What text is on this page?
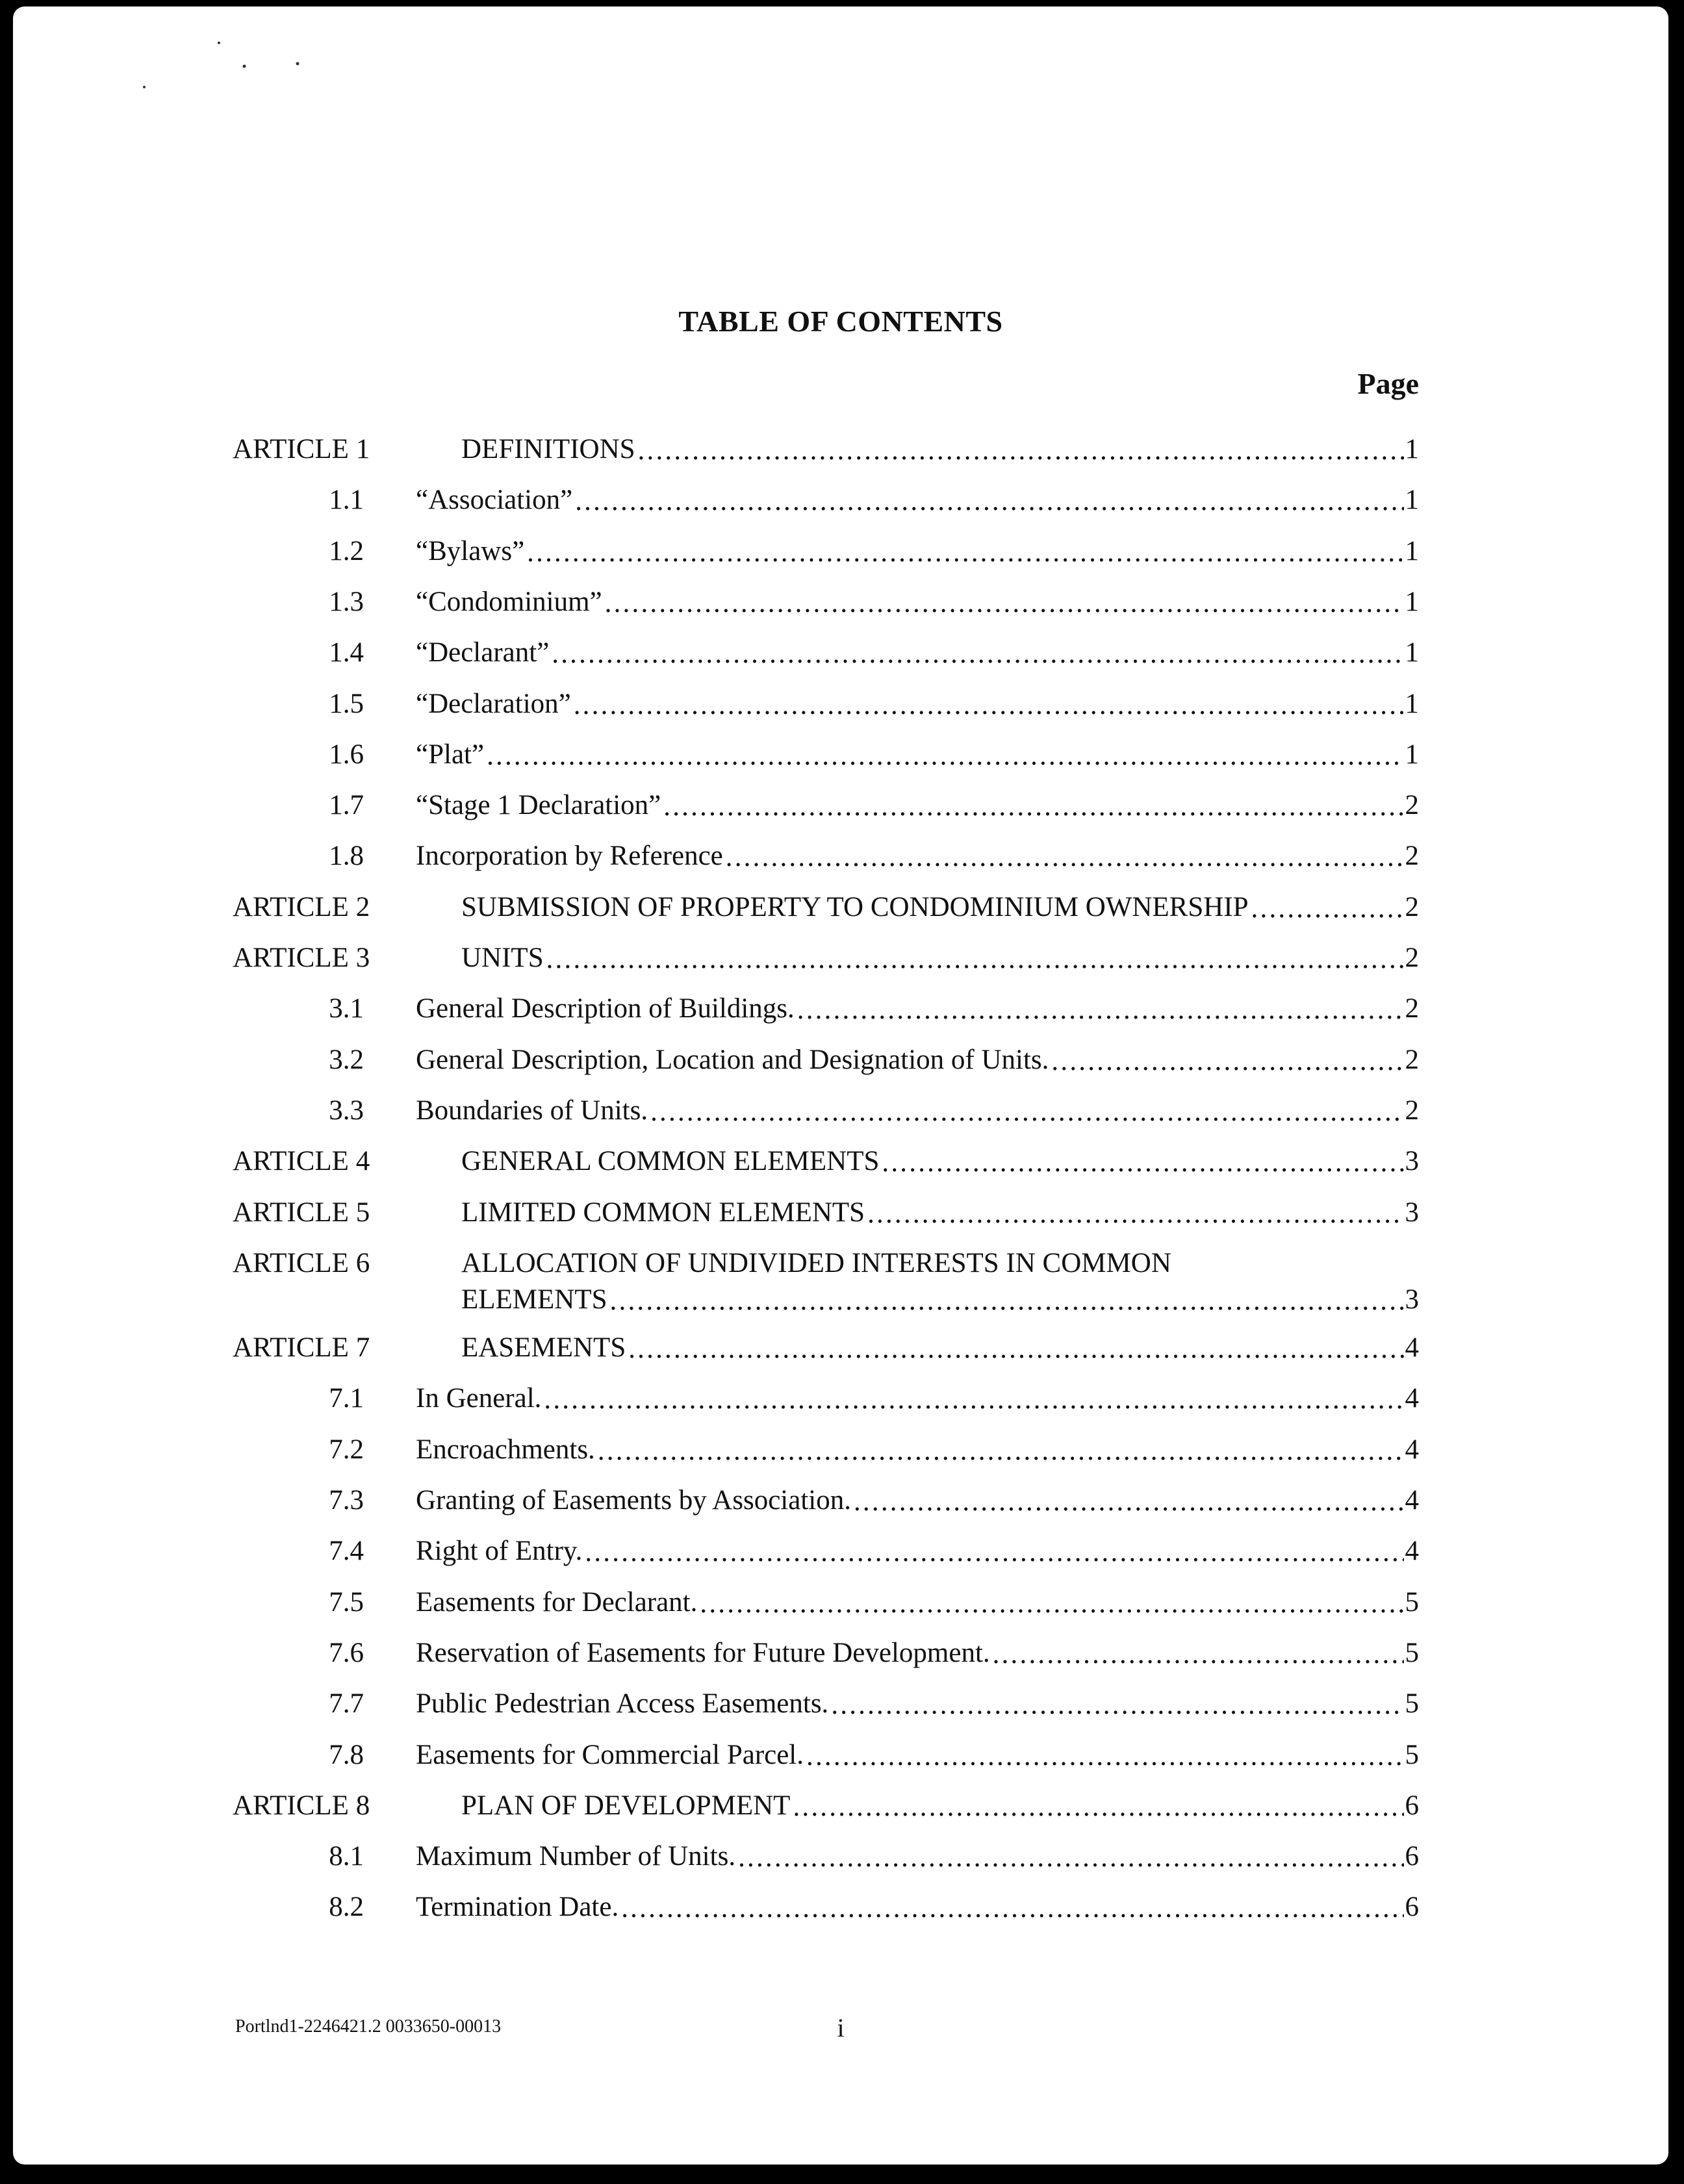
TABLE OF CONTENTS
Page
ARTICLE 1	DEFINITIONS .....	1
1.1 “Association” .....	1
1.2 “Bylaws” .....	1
1.3 “Condominium” .....	1
1.4 “Declarant” .....	1
1.5 “Declaration” .....	1
1.6 “Plat” .....	1
1.7 “Stage 1 Declaration” .....	2
1.8 Incorporation by Reference .....	2
ARTICLE 2	SUBMISSION OF PROPERTY TO CONDOMINIUM OWNERSHIP .....	2
ARTICLE 3	UNITS .....	2
3.1 General Description of Buildings. .....	2
3.2 General Description, Location and Designation of Units. .....	2
3.3 Boundaries of Units. .....	2
ARTICLE 4	GENERAL COMMON ELEMENTS .....	3
ARTICLE 5	LIMITED COMMON ELEMENTS .....	3
ARTICLE 6	ALLOCATION OF UNDIVIDED INTERESTS IN COMMON
ELEMENTS .....	3
ARTICLE 7	EASEMENTS .....	4
7.1 In General. .....	4
7.2 Encroachments. .....	4
7.3 Granting of Easements by Association. .....	4
7.4 Right of Entry. .....	4
7.5 Easements for Declarant. .....	5
7.6 Reservation of Easements for Future Development. .....	5
7.7 Public Pedestrian Access Easements. .....	5
7.8 Easements for Commercial Parcel. .....	5
ARTICLE 8	PLAN OF DEVELOPMENT .....	6
8.1 Maximum Number of Units. .....	6
8.2 Termination Date. .....	6
Portlnd1-2246421.2 0033650-00013	i
